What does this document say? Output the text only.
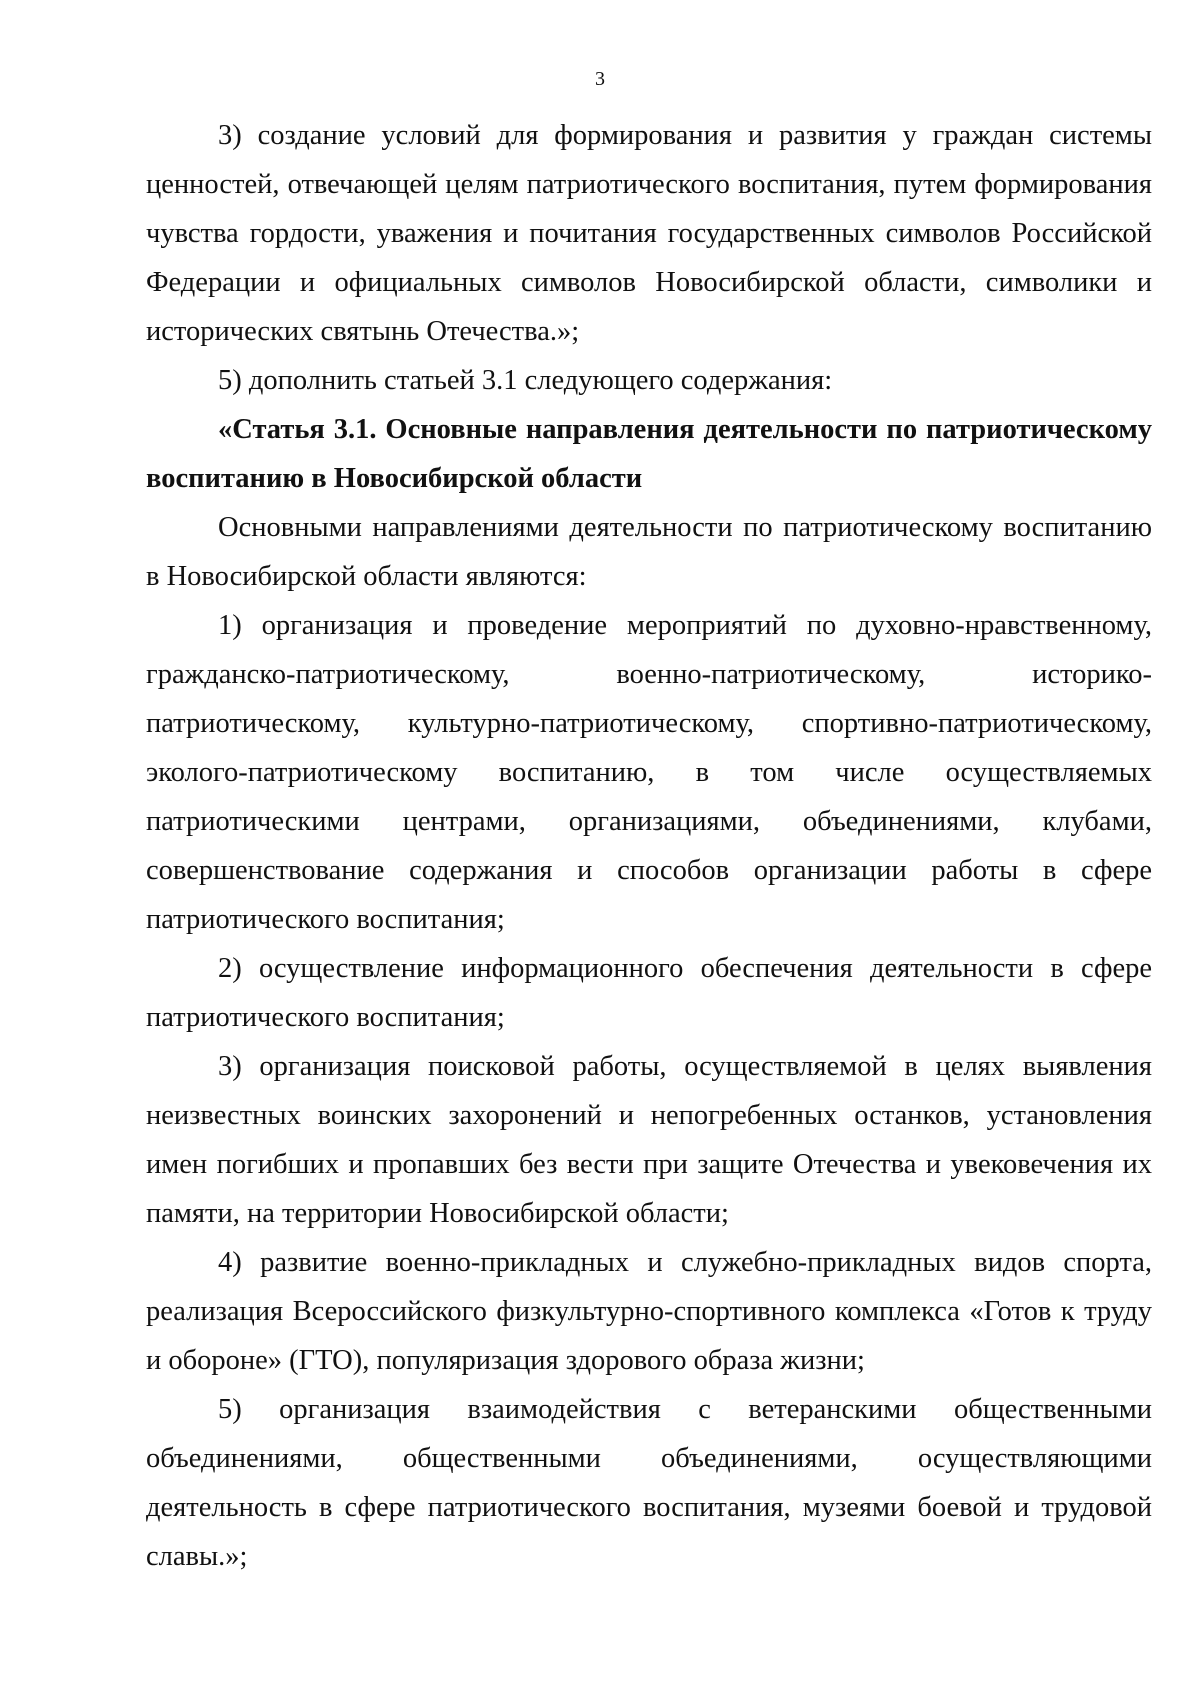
3

3) создание условий для формирования и развития у граждан системы ценностей, отвечающей целям патриотического воспитания, путем формирования чувства гордости, уважения и почитания государственных символов Российской Федерации и официальных символов Новосибирской области, символики и исторических святынь Отечества.»;

5) дополнить статьей 3.1 следующего содержания:

«Статья 3.1. Основные направления деятельности по патриотическому воспитанию в Новосибирской области

Основными направлениями деятельности по патриотическому воспитанию в Новосибирской области являются:

1) организация и проведение мероприятий по духовно-нравственному, гражданско-патриотическому, военно-патриотическому, историко-патриотическому, культурно-патриотическому, спортивно-патриотическому, эколого-патриотическому воспитанию, в том числе осуществляемых патриотическими центрами, организациями, объединениями, клубами, совершенствование содержания и способов организации работы в сфере патриотического воспитания;

2) осуществление информационного обеспечения деятельности в сфере патриотического воспитания;

3) организация поисковой работы, осуществляемой в целях выявления неизвестных воинских захоронений и непогребенных останков, установления имен погибших и пропавших без вести при защите Отечества и увековечения их памяти, на территории Новосибирской области;

4) развитие военно-прикладных и служебно-прикладных видов спорта, реализация Всероссийского физкультурно-спортивного комплекса «Готов к труду и обороне» (ГТО), популяризация здорового образа жизни;

5) организация взаимодействия с ветеранскими общественными объединениями, общественными объединениями, осуществляющими деятельность в сфере патриотического воспитания, музеями боевой и трудовой славы.»;
